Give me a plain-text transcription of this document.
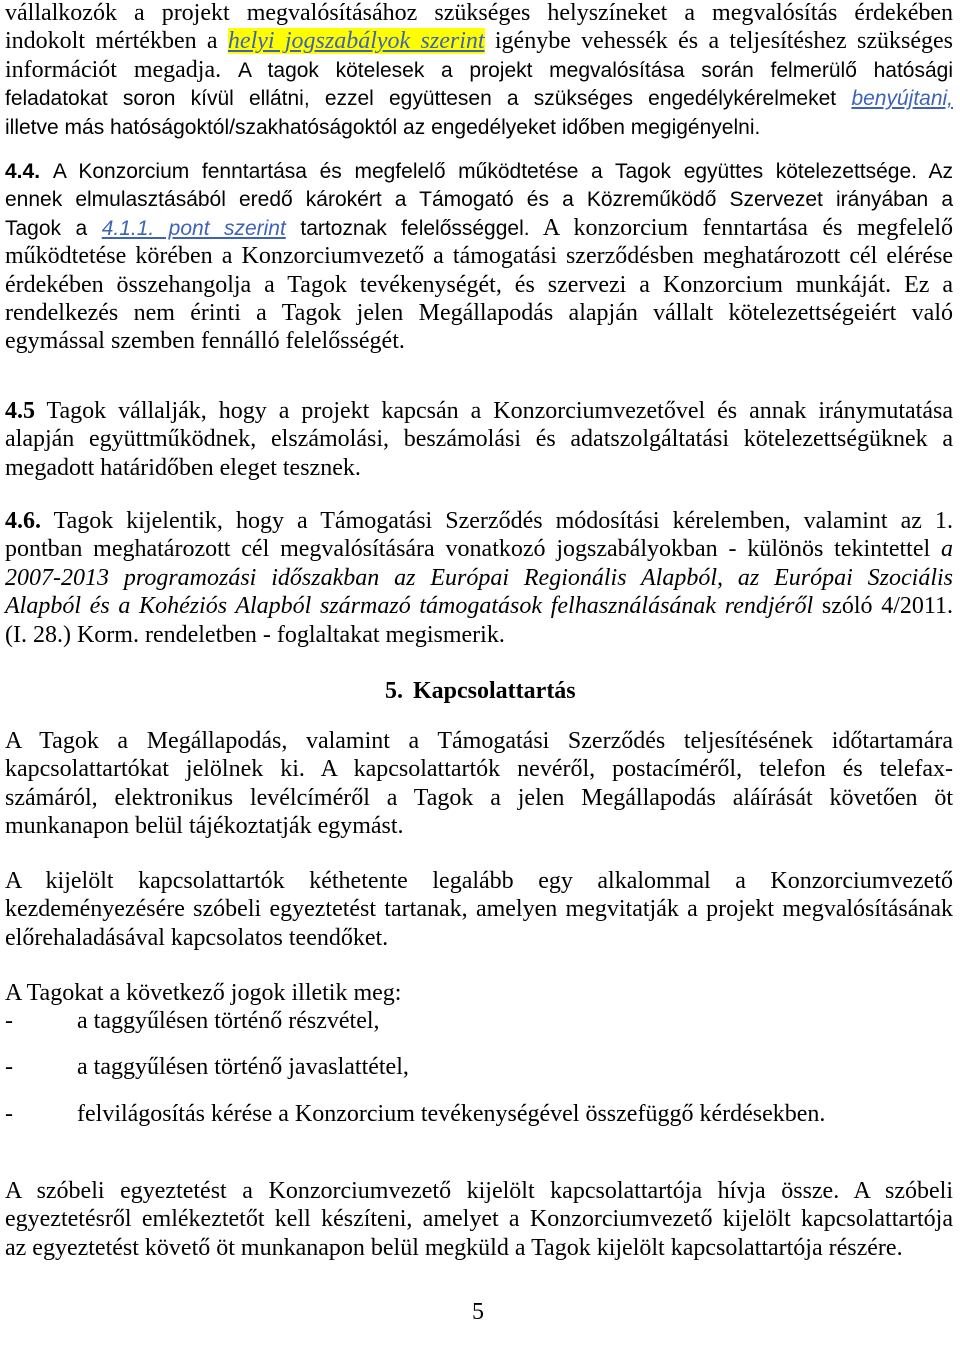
vállalkozók a projekt megvalósításához szükséges helyszíneket a megvalósítás érdekében
indokolt mértékben a helyi jogszabályok szerint igénybe vehessék és a teljesítéshez szükséges
információt megadja. A tagok kötelesek a projekt megvalósítása során felmerülő hatósági
feladatokat soron kívül ellátni, ezzel együttesen a szükséges engedélykérelmeket benyújtani,
illetve más hatóságoktól/szakhatóságoktól az engedélyeket időben megigényelni.
4.4. A Konzorcium fenntartása és megfelelő működtetése a Tagok együttes kötelezettsége. Az
ennek elmulasztásából eredő károkért a Támogató és a Közreműködő Szervezet irányában a
Tagok a 4.1.1. pont szerint tartoznak felelősséggel. A konzorcium fenntartása és megfelelő
működtetése körében a Konzorciumvezető a támogatási szerződésben meghatározott cél elérése
érdekében összehangolja a Tagok tevékenységét, és szervezi a Konzorcium munkáját. Ez a
rendelkezés nem érinti a Tagok jelen Megállapodás alapján vállalt kötelezettségeiért való
egymással szemben fennálló felelősségét.
4.5 Tagok vállalják, hogy a projekt kapcsán a Konzorciumvezetővel és annak iránymutatása
alapján együttműködnek, elszámolási, beszámolási és adatszolgáltatási kötelezettségüknek a
megadott határidőben eleget tesznek.
4.6. Tagok kijelentik, hogy a Támogatási Szerződés módosítási kérelemben, valamint az 1.
pontban meghatározott cél megvalósítására vonatkozó jogszabályokban - különös tekintettel a
2007-2013 programozási időszakban az Európai Regionális Alapból, az Európai Szociális
Alapból és a Kohéziós Alapból származó támogatások felhasználásának rendjéről szóló 4/2011.
(I. 28.) Korm. rendeletben - foglaltakat megismerik.
5. Kapcsolattartás
A Tagok a Megállapodás, valamint a Támogatási Szerződés teljesítésének időtartamára
kapcsolattartókat jelölnek ki. A kapcsolattartók nevéről, postacíméről, telefon és telefax-
számáról, elektronikus levélcíméről a Tagok a jelen Megállapodás aláírását követően öt
munkanapon belül tájékoztatják egymást.
A kijelölt kapcsolattartók kéthetente legalább egy alkalommal a Konzorciumvezető
kezdeményezésére szóbeli egyeztetést tartanak, amelyen megvitatják a projekt megvalósításának
előrehaladásával kapcsolatos teendőket.
A Tagokat a következő jogok illetik meg:
-	a taggyűlésen történő részvétel,
-	a taggyűlésen történő javaslattétel,
-	felvilágosítás kérése a Konzorcium tevékenységével összefüggő kérdésekben.
A szóbeli egyeztetést a Konzorciumvezető kijelölt kapcsolattartója hívja össze. A szóbeli
egyeztetésről emlékeztetőt kell készíteni, amelyet a Konzorciumvezető kijelölt kapcsolattartója
az egyeztetést követő öt munkanapon belül megküld a Tagok kijelölt kapcsolattartója részére.
5
